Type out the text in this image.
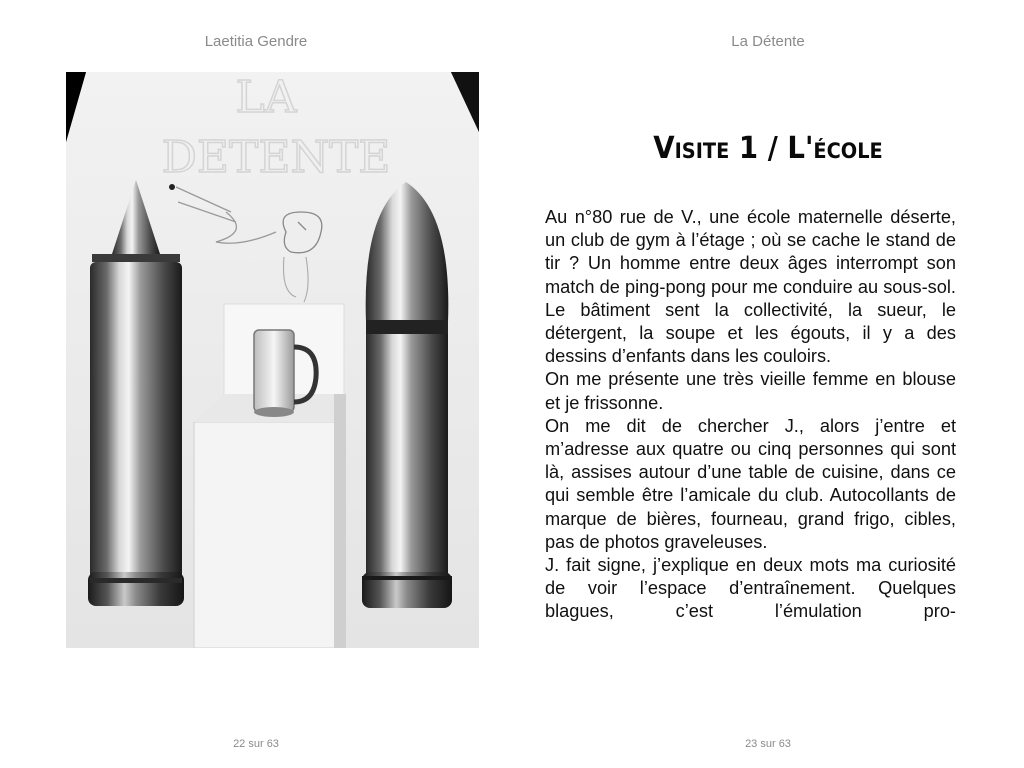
Laetitia Gendre
LA
DETENTE
22 sur 63
La Détente
Visite 1 / L'école

Au n°80 rue de V., une école maternelle déserte, un club de gym à l’étage ; où se cache le stand de tir ? Un homme entre deux âges interrompt son match de ping-pong pour me conduire au sous-sol. Le bâtiment sent la collectivité, la sueur, le détergent, la soupe et les égouts, il y a des dessins d’enfants dans les couloirs.

On me présente une très vieille femme en blouse et je frissonne.

On me dit de chercher J., alors j’entre et m’adresse aux quatre ou cinq personnes qui sont là, assises autour d’une table de cuisine, dans ce qui semble être l’amicale du club. Autocollants de marque de bières, fourneau, grand frigo, cibles, pas de photos graveleuses.

J. fait signe, j’explique en deux mots ma curiosité de voir l’espace d’entraînement. Quelques blagues, c’est l’émulation pro-

23 sur 63
